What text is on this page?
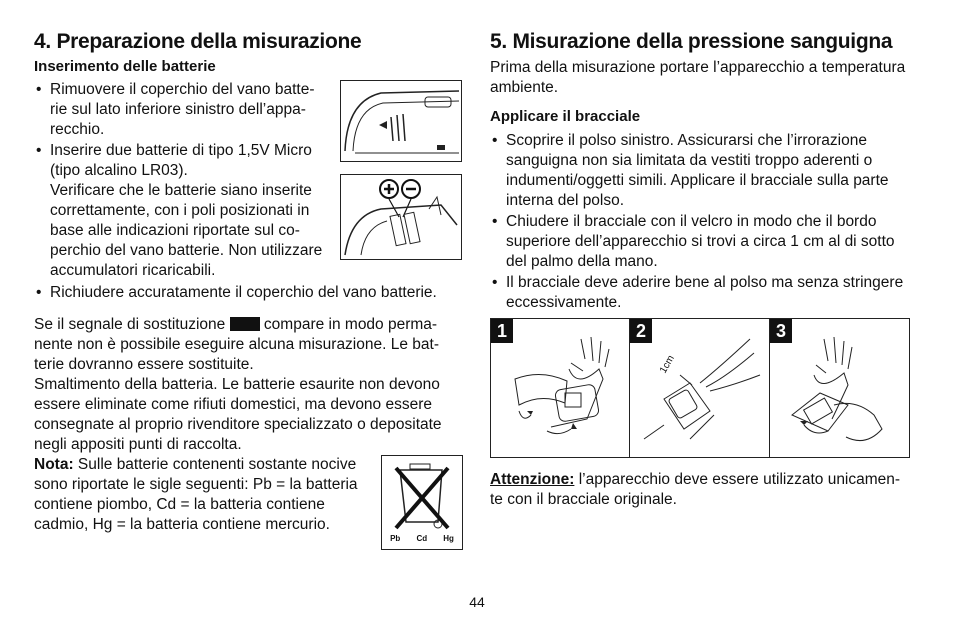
4. Preparazione della misurazione
Inserimento delle batterie
• Rimuovere il coperchio del vano batte-
rie sul lato inferiore sinistro dell’appa-
recchio.
• Inserire due batterie di tipo 1,5V Micro
(tipo alcalino LR03).
Verificare che le batterie siano inserite
correttamente, con i poli posizionati in
base alle indicazioni riportate sul co-
perchio del vano batterie. Non utilizzare
accumulatori ricaricabili.
• Richiudere accuratamente il coperchio del vano batterie.
Se il segnale di sostituzione compare in modo perma-
nente non è possibile eseguire alcuna misurazione. Le bat-
terie dovranno essere sostituite.
Smaltimento della batteria. Le batterie esaurite non devono
essere eliminate come rifiuti domestici, ma devono essere
consegnate al proprio rivenditore specializzato o depositate
negli appositi punti di raccolta.
Nota: Sulle batterie contenenti sostante nocive
sono riportate le sigle seguenti: Pb = la batteria
contiene piombo, Cd = la batteria contiene
cadmio, Hg = la batteria contiene mercurio.
Pb Cd Hg
5. Misurazione della pressione sanguigna
Prima della misurazione portare l’apparecchio a temperatura
ambiente.
Applicare il bracciale
• Scoprire il polso sinistro. Assicurarsi che l’irrorazione
sanguigna non sia limitata da vestiti troppo aderenti o
indumenti/oggetti simili. Applicare il bracciale sulla parte
interna del polso.
• Chiudere il bracciale con il velcro in modo che il bordo
superiore dell’apparecchio si trovi a circa 1 cm al di sotto
del palmo della mano.
• Il bracciale deve aderire bene al polso ma senza stringere
eccessivamente.
1	2
1cm
3
Attenzione: l’apparecchio deve essere utilizzato unicamen-
te con il bracciale originale.
44
